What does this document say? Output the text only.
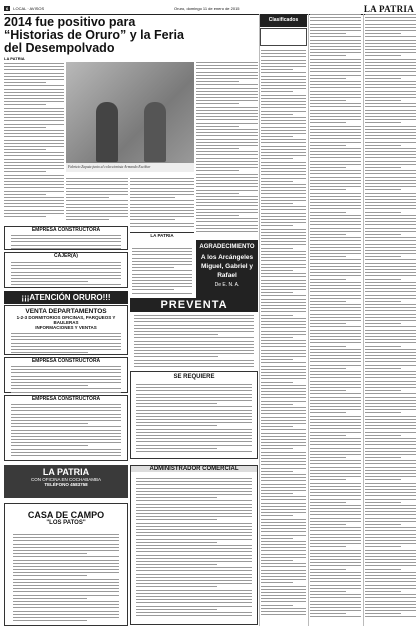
6	LOCAL · AVISOS	Oruro, domingo 11 de enero de 2015	LA PATRIA
2014 fue positivo para “Historias de Oruro” y la Feria del Desempolvado
LA PATRIA
Fabrizio Zapata junto al coleccionista Armando Escóbar
EMPRESA CONSTRUCTORA
CAJER(A)
¡¡¡ATENCIÓN ORURO!!!
VENTA DEPARTAMENTOS
1-2-3 DORMITORIOS OFICINAS, PARQUEOS Y BAULERAS
INFORMACIONES Y VENTAS
EMPRESA CONSTRUCTORA
EMPRESA CONSTRUCTORA
LA PATRIA
CON OFICINA EN COCHABAMBA
TELÉFONO 4583758
CASA DE CAMPO
"LOS PATOS"
LA PATRIA
AGRADECIMIENTO
A los Arcángeles Miguel, Gabriel y Rafael
De E. N. A.
PREVENTA
SE REQUIERE
ADMINISTRADOR COMERCIAL
Clasificados
